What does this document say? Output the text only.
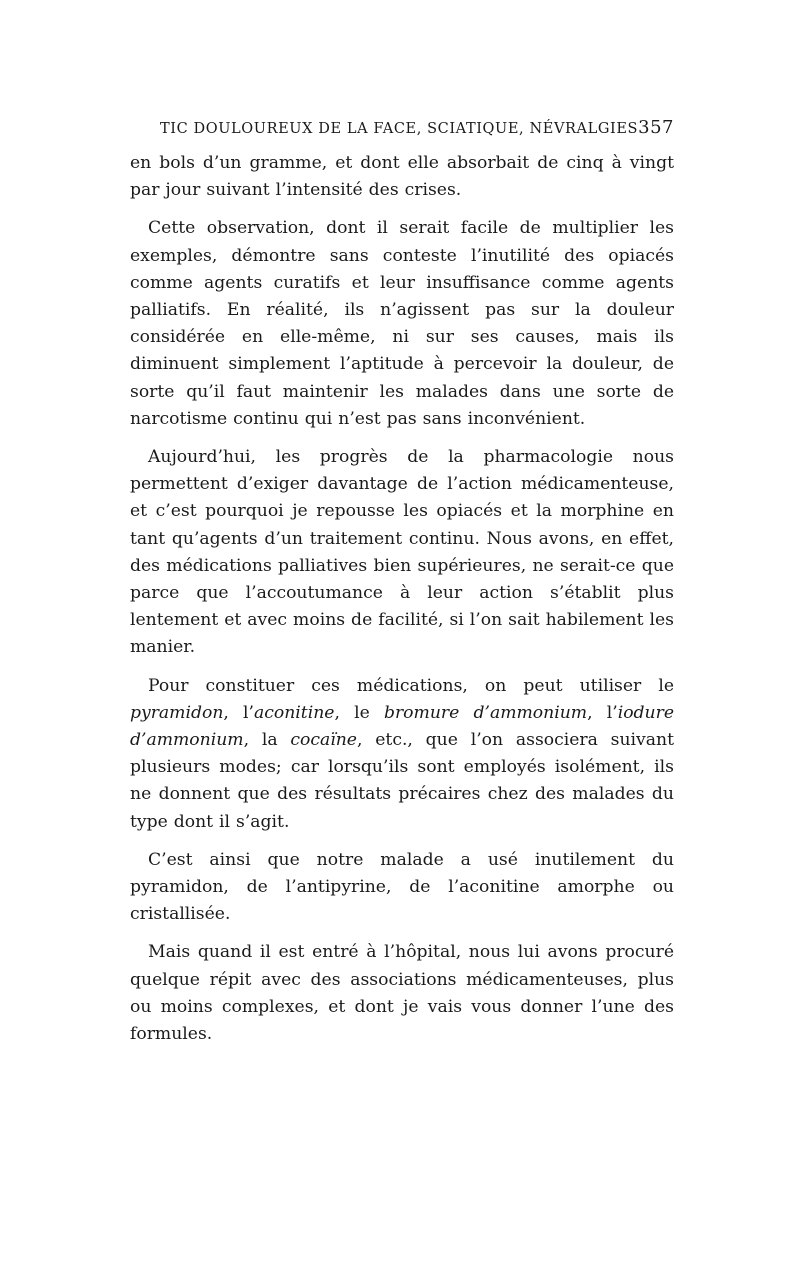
TIC DOULOUREUX DE LA FACE, SCIATIQUE, NÉVRALGIES 357

en bols d’un gramme, et dont elle absorbait de cinq à vingt par jour suivant l’intensité des crises.

Cette observation, dont il serait facile de multiplier les exemples, démontre sans conteste l’inutilité des opiacés comme agents curatifs et leur insuffisance comme agents palliatifs. En réalité, ils n’agissent pas sur la douleur considérée en elle-même, ni sur ses causes, mais ils diminuent simplement l’aptitude à percevoir la douleur, de sorte qu’il faut maintenir les malades dans une sorte de narcotisme continu qui n’est pas sans inconvénient.

Aujourd’hui, les progrès de la pharmacologie nous permettent d’exiger davantage de l’action médicamenteuse, et c’est pourquoi je repousse les opiacés et la morphine en tant qu’agents d’un traitement continu. Nous avons, en effet, des médications palliatives bien supérieures, ne serait-ce que parce que l’accoutumance à leur action s’établit plus lentement et avec moins de facilité, si l’on sait habilement les manier.

Pour constituer ces médications, on peut utiliser le pyramidon, l’aconitine, le bromure d’ammonium, l’iodure d’ammonium, la cocaïne, etc., que l’on associera suivant plusieurs modes; car lorsqu’ils sont employés isolément, ils ne donnent que des résultats précaires chez des malades du type dont il s’agit.

C’est ainsi que notre malade a usé inutilement du pyramidon, de l’antipyrine, de l’aconitine amorphe ou cristallisée.

Mais quand il est entré à l’hôpital, nous lui avons procuré quelque répit avec des associations médicamenteuses, plus ou moins complexes, et dont je vais vous donner l’une des formules.
